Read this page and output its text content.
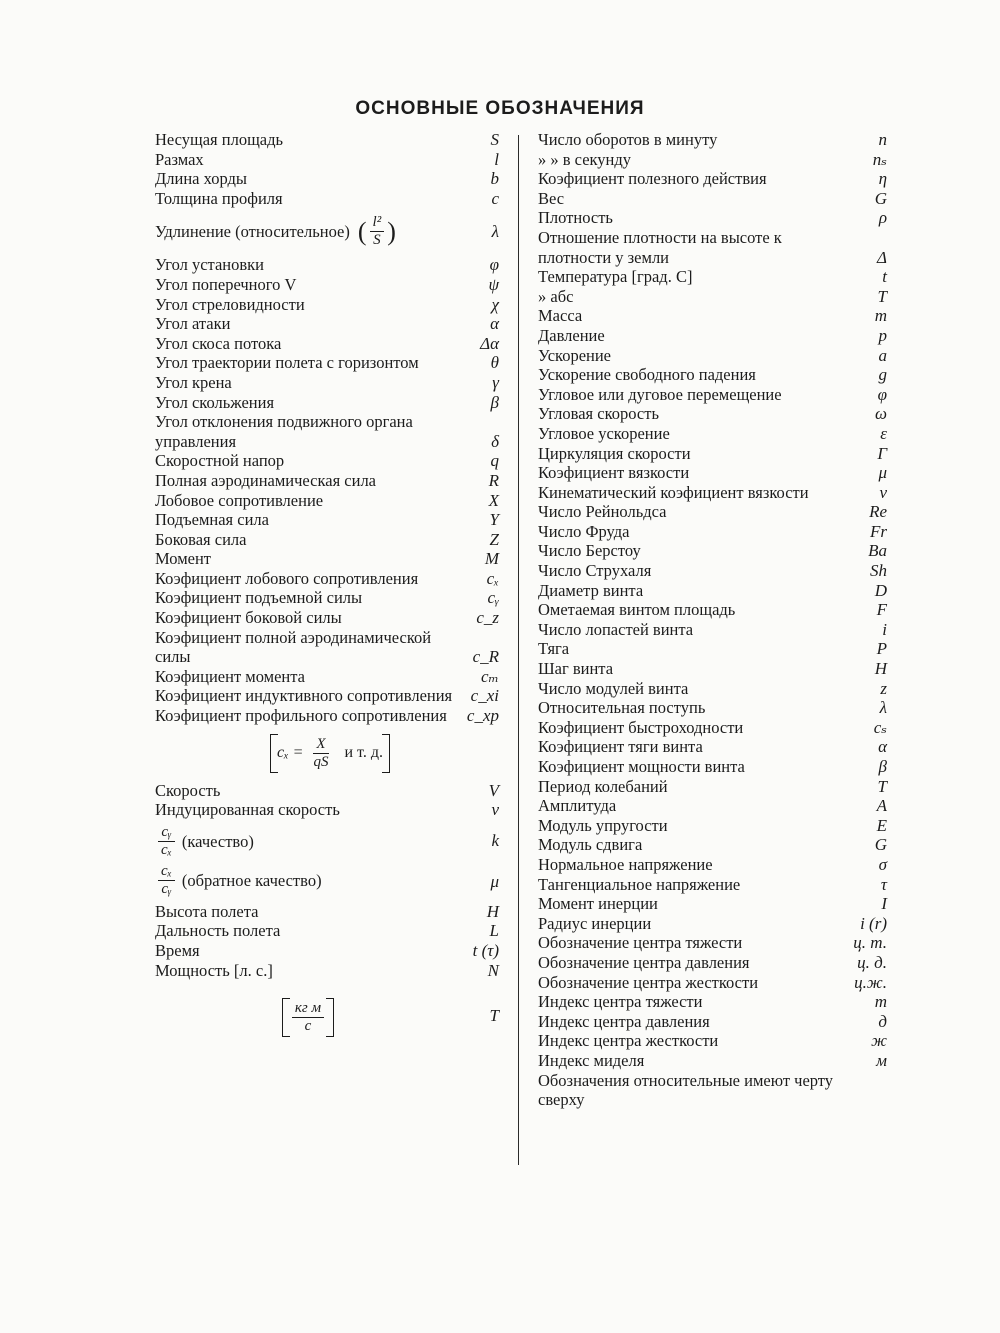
ОСНОВНЫЕ ОБОЗНАЧЕНИЯ
Несущая площадь	S
Размах	l
Длина хорды	b
Толщина профиля	c
Удлинение (относительное) ( $\frac{\text{l²}}{S}$ )	λ
Угол установки	φ
Угол поперечного V	ψ
Угол стреловидности	χ
Угол атаки	α
Угол скоса потока	Δα
Угол траектории полета с горизонтом	θ
Угол крена	γ
Угол скольжения	β
Угол отклонения подвижного органа управления	δ
Скоростной напор	q
Полная аэродинамическая сила	R
Лобовое сопротивление	X
Подъемная сила	Y
Боковая сила	Z
Момент	M
Коэфициент лобового сопротивления	cₓ
Коэфициент подъемной силы	cᵧ
Коэфициент боковой силы	c_z
Коэфициент полной аэродинамической силы	c_R
Коэфициент момента	cₘ
Коэфициент индуктивного сопротивления	c_xi
Коэфициент профильного сопротивления	c_xp
$c_x = \frac{X}{qS}$ и т. д.
Скорость	V
Индуцированная скорость	v
$\frac{\text{cᵧ}}{\text{cₓ}}$ (качество)	k
$\frac{\text{cₓ}}{\text{cᵧ}}$ (обратное качество)	μ
Высота полета	H
Дальность полета	L
Время	t (τ)
Мощность [л. с.]	N
$\frac{\text{кг м}}{с}$	T
Число оборотов в минуту	n
» » в секунду	nₛ
Коэфициент полезного действия	η
Вес	G
Плотность	ρ
Отношение плотности на высоте к плотности у земли	Δ
Температура [град. С]	t
» абс	T
Масса	m
Давление	p
Ускорение	a
Ускорение свободного падения	g
Угловое или дуговое перемещение	φ
Угловая скорость	ω
Угловое ускорение	ε
Циркуляция скорости	Γ
Коэфициент вязкости	μ
Кинематический коэфициент вязкости	ν
Число Рейнольдса	Re
Число Фруда	Fr
Число Берстоу	Ba
Число Струхаля	Sh
Диаметр винта	D
Ометаемая винтом площадь	F
Число лопастей винта	i
Тяга	P
Шаг винта	H
Число модулей винта	z
Относительная поступь	λ
Коэфициент быстроходности	cₛ
Коэфициент тяги винта	α
Коэфициент мощности винта	β
Период колебаний	T
Амплитуда	A
Модуль упругости	E
Модуль сдвига	G
Нормальное напряжение	σ
Тангенциальное напряжение	τ
Момент инерции	I
Радиус инерции	i (r)
Обозначение центра тяжести	ц. т.
Обозначение центра давления	ц. д.
Обозначение центра жесткости	ц.ж.
Индекс центра тяжести	т
Индекс центра давления	д
Индекс центра жесткости	ж
Индекс миделя	м
Обозначения относительные имеют черту сверху
